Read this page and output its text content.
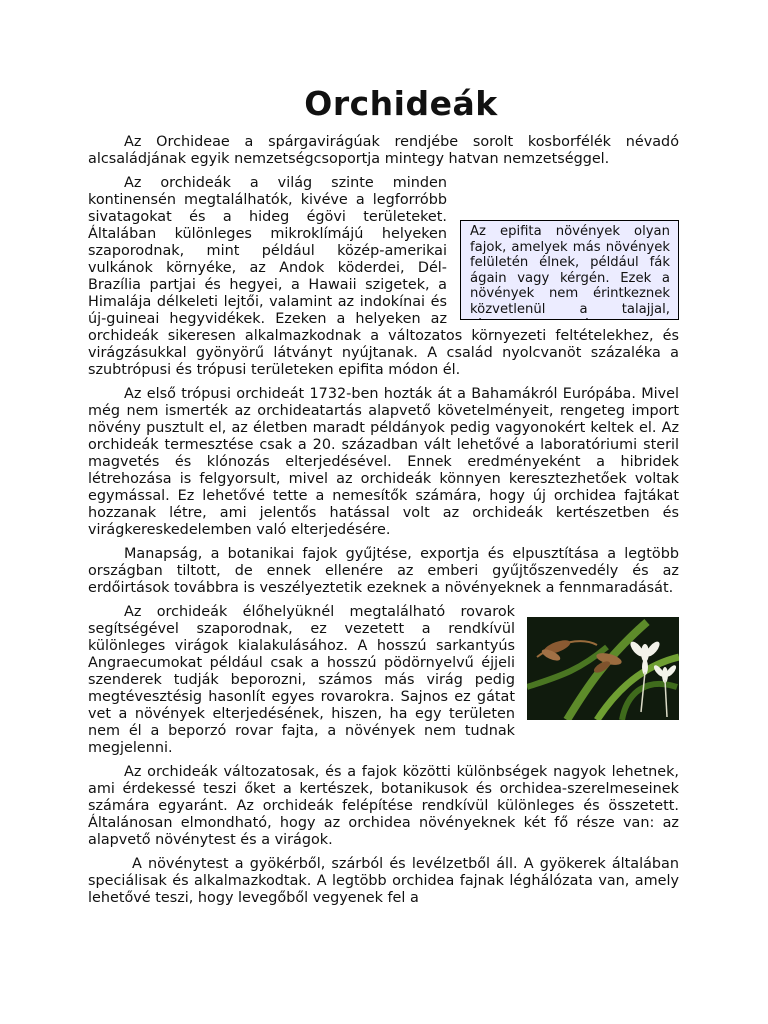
Orchideák

Az Orchideae a spárgavirágúak rendjébe sorolt kosborfélék névadó alcsaládjának egyik nemzetségcsoportja mintegy hatvan nemzetséggel.

Az epifita növények olyan fajok, amelyek más növények felületén élnek, például fák ágain vagy kérgén. Ezek a növények nem érintkeznek közvetlenül a talajjal,

Az orchideák a világ szinte minden kontinensén megtalálhatók, kivéve a legforróbb sivatagokat és a hideg égövi területeket. Általában különleges mikroklímájú helyeken szaporodnak, mint például közép-amerikai vulkánok környéke, az Andok köderdei, Dél-Brazília partjai és hegyei, a Hawaii szigetek, a Himalája délkeleti lejtői, valamint az indokínai és új-guineai hegyvidékek. Ezeken a helyeken az orchideák sikeresen alkalmazkodnak a változatos környezeti feltételekhez, és virágzásukkal gyönyörű látványt nyújtanak. A család nyolcvanöt százaléka a szubtrópusi és trópusi területeken epifita módon él.

Az első trópusi orchideát 1732-ben hozták át a Bahamákról Európába. Mivel még nem ismerték az orchideatartás alapvető követelményeit, rengeteg import növény pusztult el, az életben maradt példányok pedig vagyonokért keltek el. Az orchideák termesztése csak a 20. században vált lehetővé a laboratóriumi steril magvetés és klónozás elterjedésével. Ennek eredményeként a hibridek létrehozása is felgyorsult, mivel az orchideák könnyen keresztezhetőek voltak egymással. Ez lehetővé tette a nemesítők számára, hogy új orchidea fajtákat hozzanak létre, ami jelentős hatással volt az orchideák kertészetben és virágkereskedelemben való elterjedésére.

Manapság, a botanikai fajok gyűjtése, exportja és elpusztítása a legtöbb országban tiltott, de ennek ellenére az emberi gyűjtőszenvedély és az erdőirtások továbbra is veszélyeztetik ezeknek a növényeknek a fennmaradását.

Az orchideák élőhelyüknél megtalálható rovarok segítségével szaporodnak, ez vezetett a rendkívül különleges virágok kialakulásához. A hosszú sarkantyús Angraecumokat például csak a hosszú pödörnyelvű éjjeli szenderek tudják beporozni, számos más virág pedig megtévesztésig hasonlít egyes rovarokra. Sajnos ez gátat vet a növények elterjedésének, hiszen, ha egy területen nem él a beporzó rovar fajta, a növények nem tudnak megjelenni.

Az orchideák változatosak, és a fajok közötti különbségek nagyok lehetnek, ami érdekessé teszi őket a kertészek, botanikusok és orchidea-szerelmeseinek számára egyaránt. Az orchideák felépítése rendkívül különleges és összetett. Általánosan elmondható, hogy az orchidea növényeknek két fő része van: az alapvető növénytest és a virágok.

A növénytest a gyökérből, szárból és levélzetből áll. A gyökerek általában speciálisak és alkalmazkodtak. A legtöbb orchidea fajnak léghálózata van, amely lehetővé teszi, hogy levegőből vegyenek fel a
